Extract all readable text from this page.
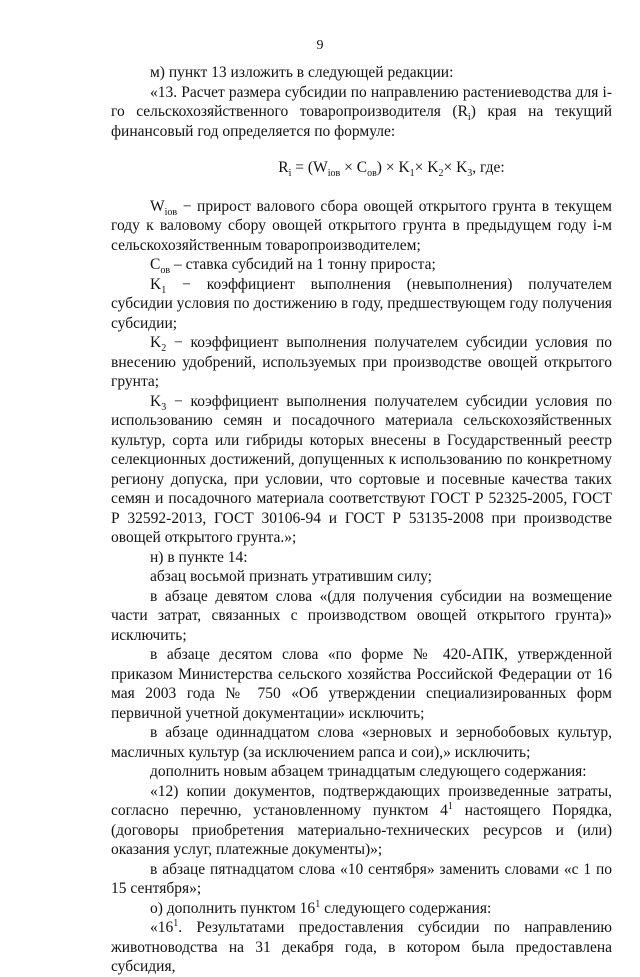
9

м) пункт 13 изложить в следующей редакции:

«13. Расчет размера субсидии по направлению растениеводства для i-го сельскохозяйственного товаропроизводителя $(R_i)$ края на текущий финансовый год определяется по формуле:

$R_i = (W_{iов} \times C_{ов}) \times K_1\times K_2\times K_3$, где:

$W_{iов}$ − прирост валового сбора овощей открытого грунта в текущем году к валовому сбору овощей открытого грунта в предыдущем году i-м сельскохозяйственным товаропроизводителем;

$C_{ов}$ – ставка субсидий на 1 тонну прироста;

$K_1$ − коэффициент выполнения (невыполнения) получателем субсидии условия по достижению в году, предшествующем году получения субсидии;

$K_2$ − коэффициент выполнения получателем субсидии условия по внесению удобрений, используемых при производстве овощей открытого грунта;

$K_3$ − коэффициент выполнения получателем субсидии условия по использованию семян и посадочного материала сельскохозяйственных культур, сорта или гибриды которых внесены в Государственный реестр селекционных достижений, допущенных к использованию по конкретному региону допуска, при условии, что сортовые и посевные качества таких семян и посадочного материала соответствуют ГОСТ Р 52325-2005, ГОСТ Р 32592-2013, ГОСТ 30106-94 и ГОСТ Р 53135-2008 при производстве овощей открытого грунта.»;

н) в пункте 14:

абзац восьмой признать утратившим силу;

в абзаце девятом слова «(для получения субсидии на возмещение части затрат, связанных с производством овощей открытого грунта)» исключить;

в абзаце десятом слова «по форме № 420-АПК, утвержденной приказом Министерства сельского хозяйства Российской Федерации от 16 мая 2003 года № 750 «Об утверждении специализированных форм первичной учетной документации» исключить;

в абзаце одиннадцатом слова «зерновых и зернобобовых культур, масличных культур (за исключением рапса и сои),» исключить;

дополнить новым абзацем тринадцатым следующего содержания:

«12) копии документов, подтверждающих произведенные затраты, согласно перечню, установленному пунктом $4^1$ настоящего Порядка, (договоры приобретения материально-технических ресурсов и (или) оказания услуг, платежные документы)»;

в абзаце пятнадцатом слова «10 сентября» заменить словами «с 1 по 15 сентября»;

о) дополнить пунктом $16^1$ следующего содержания:

«$16^1$. Результатами предоставления субсидии по направлению животноводства на 31 декабря года, в котором была предоставлена субсидия,
